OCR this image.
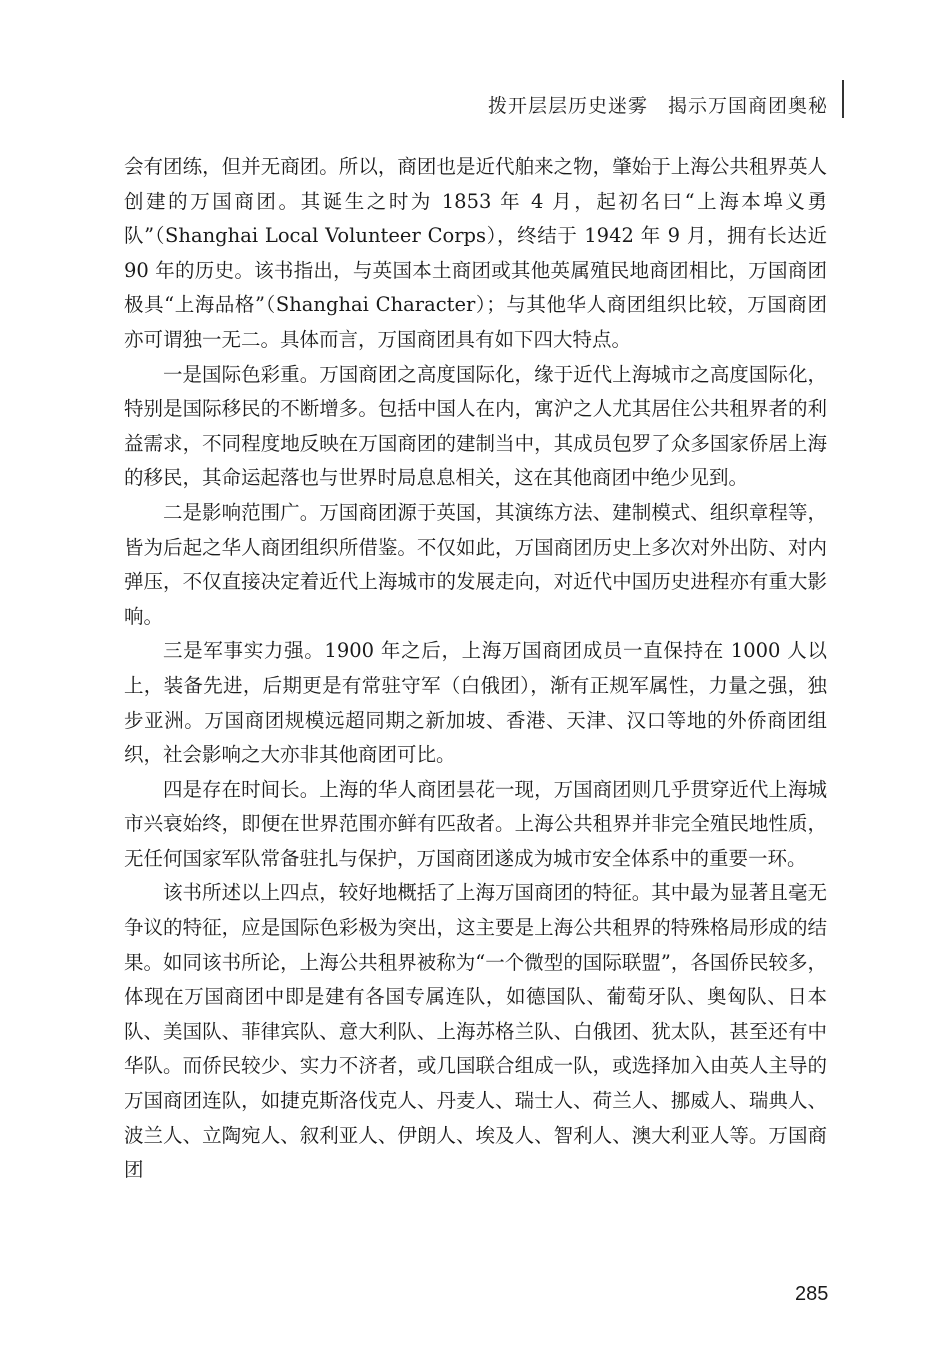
拨开层层历史迷雾　揭示万国商团奥秘

会有团练，但并无商团。所以，商团也是近代舶来之物，肇始于上海公共租界英人创建的万国商团。其诞生之时为 1853 年 4 月，起初名曰“上海本埠义勇队”（Shanghai Local Volunteer Corps），终结于 1942 年 9 月，拥有长达近 90 年的历史。该书指出，与英国本土商团或其他英属殖民地商团相比，万国商团极具“上海品格”（Shanghai Character）；与其他华人商团组织比较，万国商团亦可谓独一无二。具体而言，万国商团具有如下四大特点。

一是国际色彩重。万国商团之高度国际化，缘于近代上海城市之高度国际化，特别是国际移民的不断增多。包括中国人在内，寓沪之人尤其居住公共租界者的利益需求，不同程度地反映在万国商团的建制当中，其成员包罗了众多国家侨居上海的移民，其命运起落也与世界时局息息相关，这在其他商团中绝少见到。

二是影响范围广。万国商团源于英国，其演练方法、建制模式、组织章程等，皆为后起之华人商团组织所借鉴。不仅如此，万国商团历史上多次对外出防、对内弹压，不仅直接决定着近代上海城市的发展走向，对近代中国历史进程亦有重大影响。

三是军事实力强。1900 年之后，上海万国商团成员一直保持在 1000 人以上，装备先进，后期更是有常驻守军（白俄团），渐有正规军属性，力量之强，独步亚洲。万国商团规模远超同期之新加坡、香港、天津、汉口等地的外侨商团组织，社会影响之大亦非其他商团可比。

四是存在时间长。上海的华人商团昙花一现，万国商团则几乎贯穿近代上海城市兴衰始终，即便在世界范围亦鲜有匹敌者。上海公共租界并非完全殖民地性质，无任何国家军队常备驻扎与保护，万国商团遂成为城市安全体系中的重要一环。

该书所述以上四点，较好地概括了上海万国商团的特征。其中最为显著且毫无争议的特征，应是国际色彩极为突出，这主要是上海公共租界的特殊格局形成的结果。如同该书所论，上海公共租界被称为“一个微型的国际联盟”，各国侨民较多，体现在万国商团中即是建有各国专属连队，如德国队、葡萄牙队、奥匈队、日本队、美国队、菲律宾队、意大利队、上海苏格兰队、白俄团、犹太队，甚至还有中华队。而侨民较少、实力不济者，或几国联合组成一队，或选择加入由英人主导的万国商团连队，如捷克斯洛伐克人、丹麦人、瑞士人、荷兰人、挪威人、瑞典人、波兰人、立陶宛人、叙利亚人、伊朗人、埃及人、智利人、澳大利亚人等。万国商团

285
